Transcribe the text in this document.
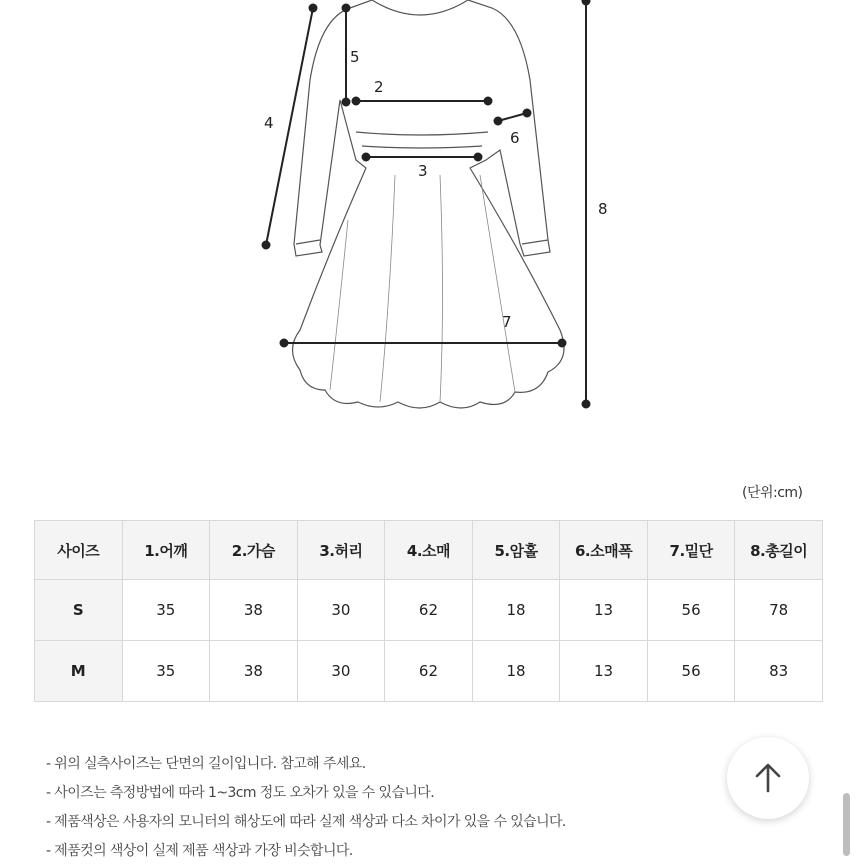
5
2
6
3
4
8
7
(단위:cm)
사이즈	1.어깨	2.가슴	3.허리	4.소매	5.암홀	6.소매폭	7.밑단	8.총길이
S	35	38	30	62	18	13	56	78
M	35	38	30	62	18	13	56	83
- 위의 실측사이즈는 단면의 길이입니다. 참고해 주세요.
- 사이즈는 측정방법에 따라 1~3cm 정도 오차가 있을 수 있습니다.
- 제품색상은 사용자의 모니터의 해상도에 따라 실제 색상과 다소 차이가 있을 수 있습니다.
- 제품컷의 색상이 실제 제품 색상과 가장 비슷합니다.
